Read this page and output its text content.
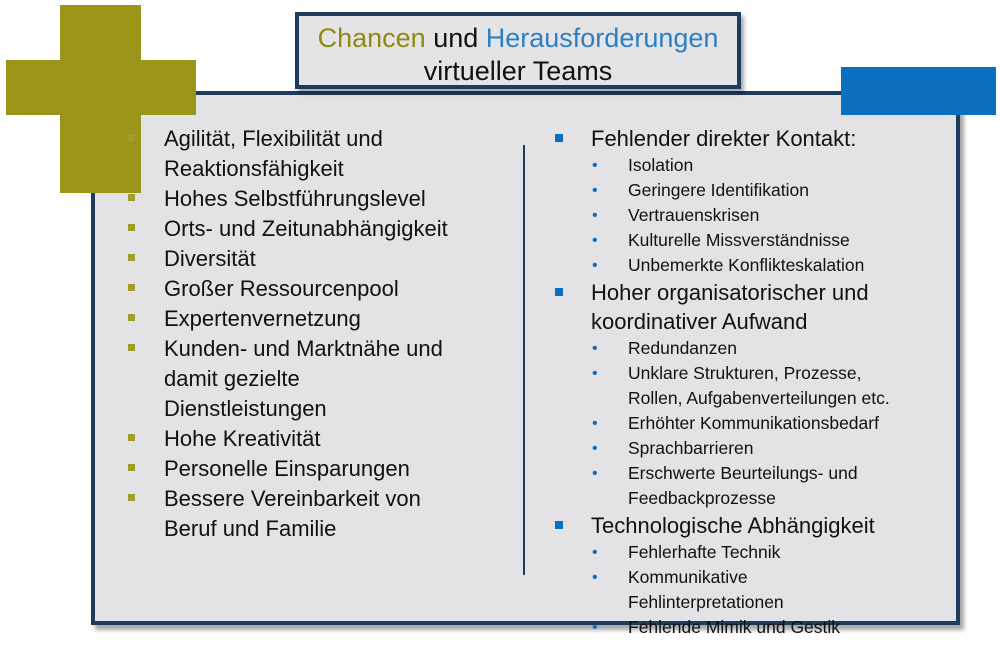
Chancen und Herausforderungen
virtueller Teams
Agilität, Flexibilität und
Reaktionsfähigkeit
Hohes Selbstführungslevel
Orts- und Zeitunabhängigkeit
Diversität
Großer Ressourcenpool
Expertenvernetzung
Kunden- und Marktnähe und
damit gezielte
Dienstleistungen
Hohe Kreativität
Personelle Einsparungen
Bessere Vereinbarkeit von
Beruf und Familie
Fehlender direkter Kontakt:
• Isolation
• Geringere Identifikation
• Vertrauenskrisen
• Kulturelle Missverständnisse
• Unbemerkte Konflikteskalation
Hoher organisatorischer und
koordinativer Aufwand
• Redundanzen
• Unklare Strukturen, Prozesse,
Rollen, Aufgabenverteilungen etc.
• Erhöhter Kommunikationsbedarf
• Sprachbarrieren
• Erschwerte Beurteilungs- und
Feedbackprozesse
Technologische Abhängigkeit
• Fehlerhafte Technik
• Kommunikative
Fehlinterpretationen
• Fehlende Mimik und Gestik
